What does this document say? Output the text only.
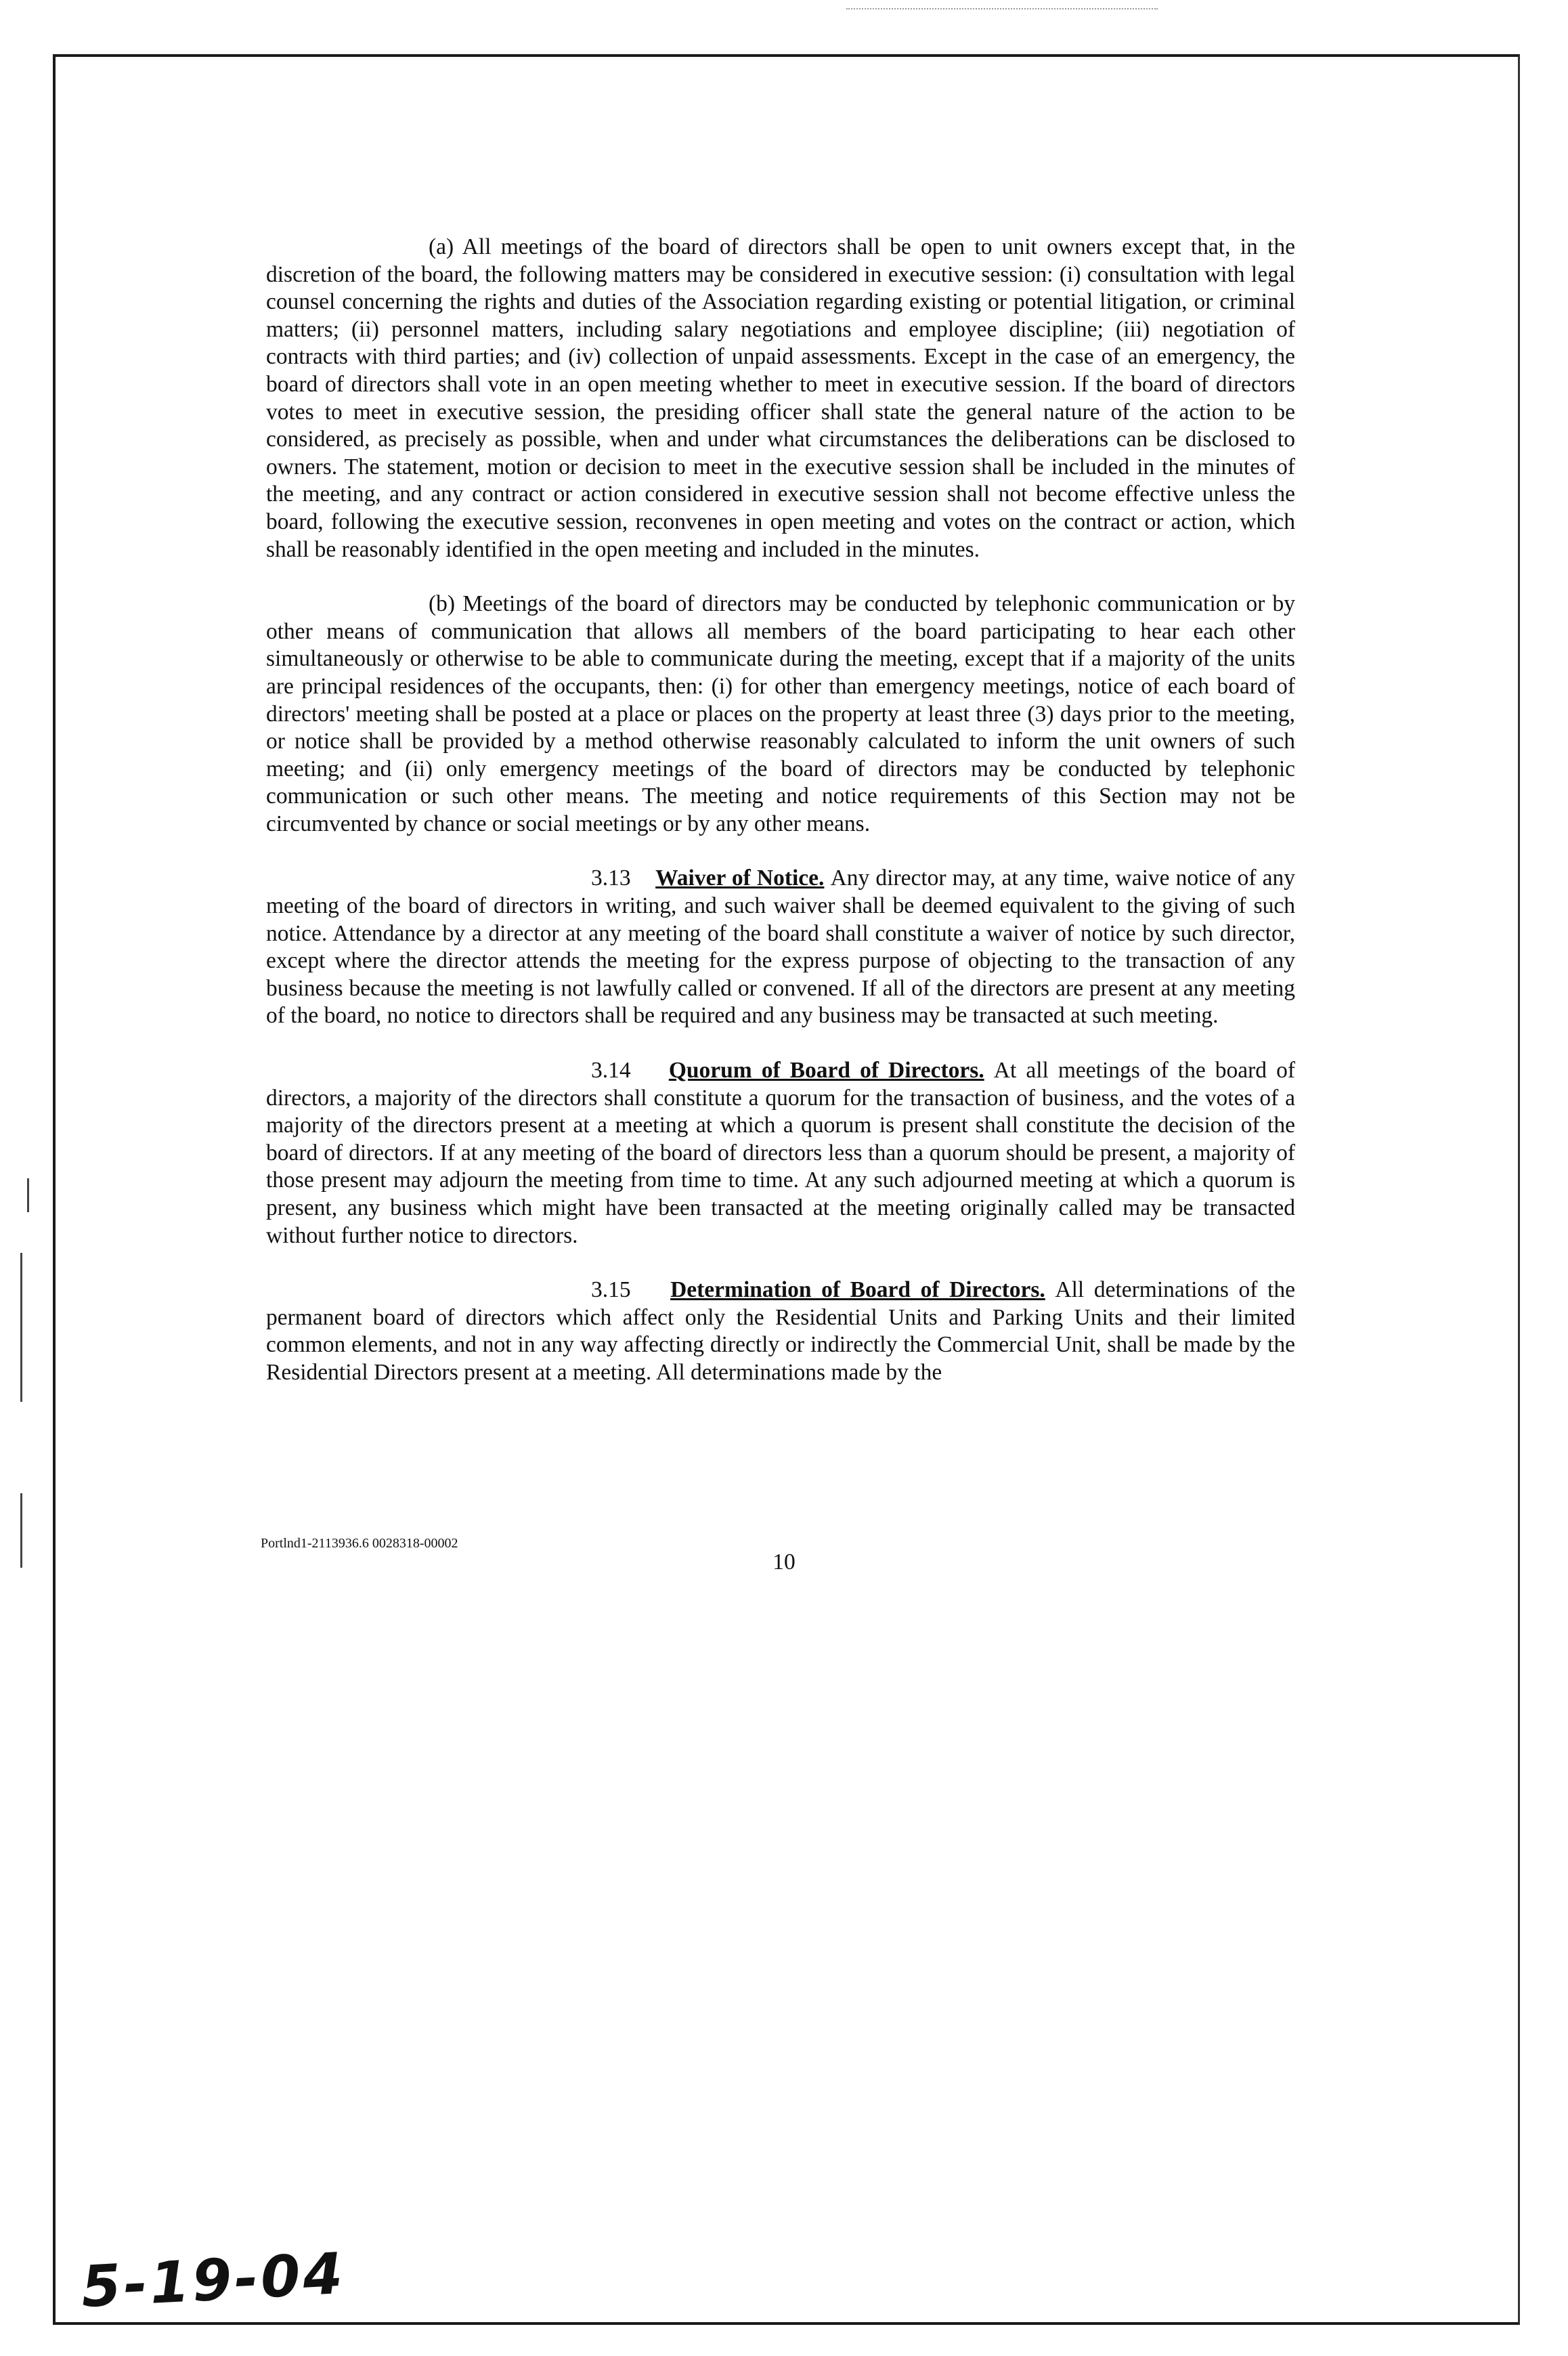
(a) All meetings of the board of directors shall be open to unit owners except that, in the discretion of the board, the following matters may be considered in executive session: (i) consultation with legal counsel concerning the rights and duties of the Association regarding existing or potential litigation, or criminal matters; (ii) personnel matters, including salary negotiations and employee discipline; (iii) negotiation of contracts with third parties; and (iv) collection of unpaid assessments. Except in the case of an emergency, the board of directors shall vote in an open meeting whether to meet in executive session. If the board of directors votes to meet in executive session, the presiding officer shall state the general nature of the action to be considered, as precisely as possible, when and under what circumstances the deliberations can be disclosed to owners. The statement, motion or decision to meet in the executive session shall be included in the minutes of the meeting, and any contract or action considered in executive session shall not become effective unless the board, following the executive session, reconvenes in open meeting and votes on the contract or action, which shall be reasonably identified in the open meeting and included in the minutes.

(b) Meetings of the board of directors may be conducted by telephonic communication or by other means of communication that allows all members of the board participating to hear each other simultaneously or otherwise to be able to communicate during the meeting, except that if a majority of the units are principal residences of the occupants, then: (i) for other than emergency meetings, notice of each board of directors' meeting shall be posted at a place or places on the property at least three (3) days prior to the meeting, or notice shall be provided by a method otherwise reasonably calculated to inform the unit owners of such meeting; and (ii) only emergency meetings of the board of directors may be conducted by telephonic communication or such other means. The meeting and notice requirements of this Section may not be circumvented by chance or social meetings or by any other means.

3.13 Waiver of Notice. Any director may, at any time, waive notice of any meeting of the board of directors in writing, and such waiver shall be deemed equivalent to the giving of such notice. Attendance by a director at any meeting of the board shall constitute a waiver of notice by such director, except where the director attends the meeting for the express purpose of objecting to the transaction of any business because the meeting is not lawfully called or convened. If all of the directors are present at any meeting of the board, no notice to directors shall be required and any business may be transacted at such meeting.

3.14 Quorum of Board of Directors. At all meetings of the board of directors, a majority of the directors shall constitute a quorum for the transaction of business, and the votes of a majority of the directors present at a meeting at which a quorum is present shall constitute the decision of the board of directors. If at any meeting of the board of directors less than a quorum should be present, a majority of those present may adjourn the meeting from time to time. At any such adjourned meeting at which a quorum is present, any business which might have been transacted at the meeting originally called may be transacted without further notice to directors.

3.15 Determination of Board of Directors. All determinations of the permanent board of directors which affect only the Residential Units and Parking Units and their limited common elements, and not in any way affecting directly or indirectly the Commercial Unit, shall be made by the Residential Directors present at a meeting. All determinations made by the

Portlnd1-2113936.6 0028318-00002
10
5-19-04
